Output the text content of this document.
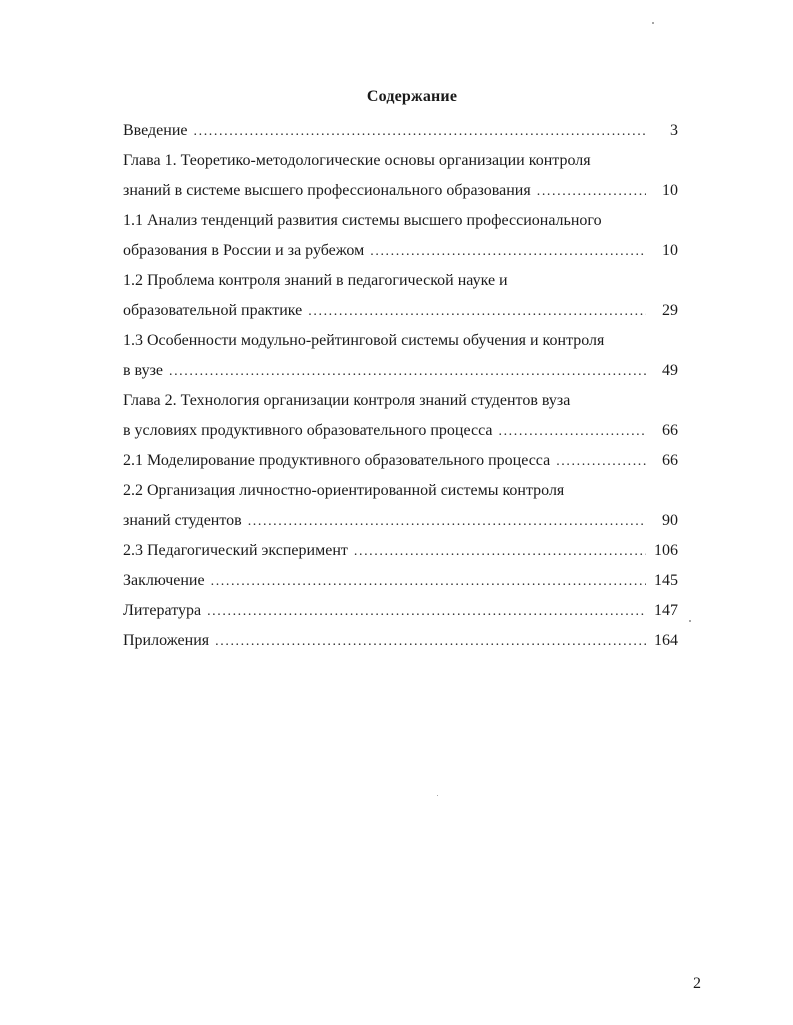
Содержание
Введение .....	3
Глава 1. Теоретико-методологические основы организации контроля
знаний в системе высшего профессионального образования .....	10
1.1 Анализ тенденций развития системы высшего профессионального
образования в России и за рубежом .....	10
1.2 Проблема контроля знаний в педагогической науке и
образовательной практике .....	29
1.3 Особенности модульно-рейтинговой системы обучения и контроля
в вузе .....	49
Глава 2. Технология организации контроля знаний студентов вуза
в условиях продуктивного образовательного процесса .....	66
2.1 Моделирование продуктивного образовательного процесса .....	66
2.2 Организация личностно-ориентированной системы контроля
знаний студентов .....	90
2.3 Педагогический эксперимент .....	106
Заключение .....	145
Литература .....	147
Приложения .....	164
2
